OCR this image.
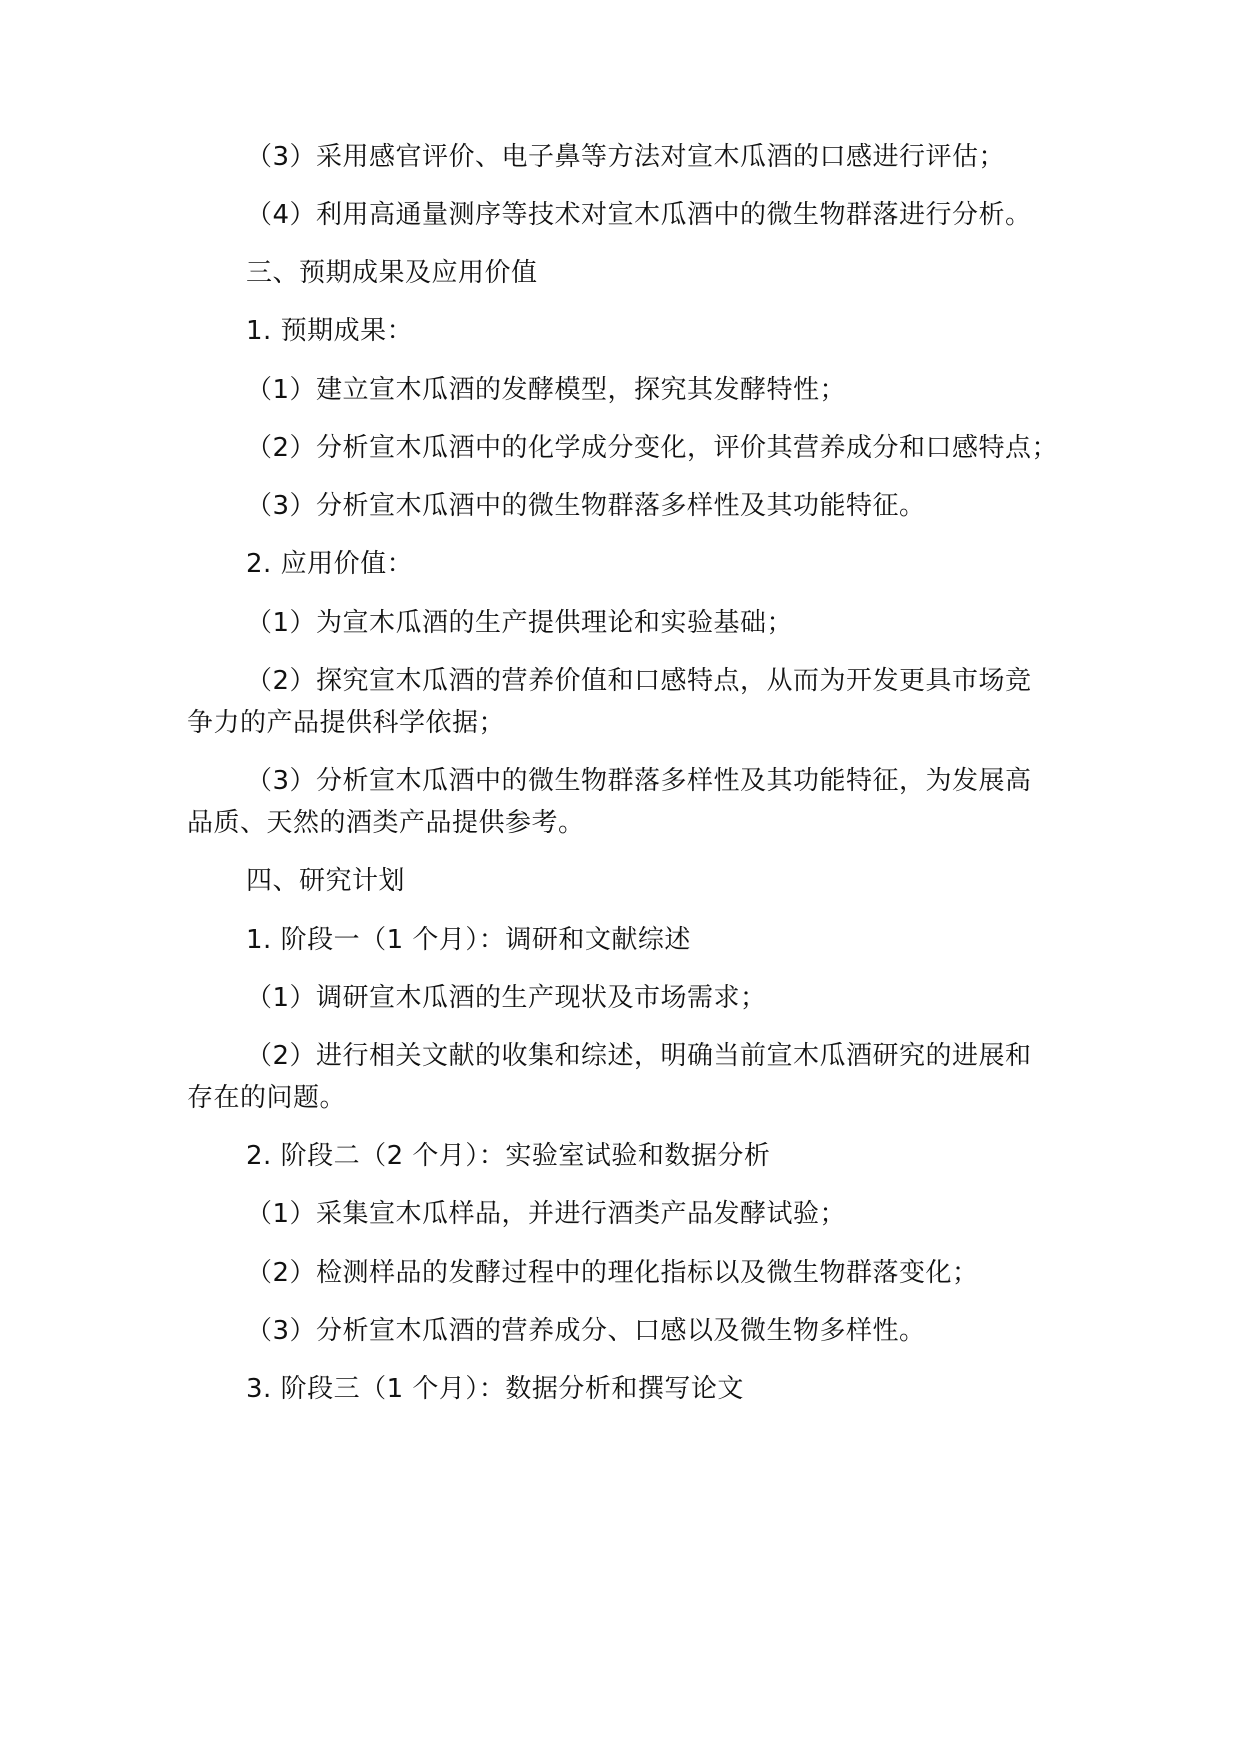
（3）采用感官评价、电子鼻等方法对宣木瓜酒的口感进行评估；
（4）利用高通量测序等技术对宣木瓜酒中的微生物群落进行分析。
三、预期成果及应用价值
1. 预期成果：
（1）建立宣木瓜酒的发酵模型，探究其发酵特性；
（2）分析宣木瓜酒中的化学成分变化，评价其营养成分和口感特点；
（3）分析宣木瓜酒中的微生物群落多样性及其功能特征。
2. 应用价值：
（1）为宣木瓜酒的生产提供理论和实验基础；
（2）探究宣木瓜酒的营养价值和口感特点，从而为开发更具市场竞
争力的产品提供科学依据；
（3）分析宣木瓜酒中的微生物群落多样性及其功能特征，为发展高
品质、天然的酒类产品提供参考。
四、研究计划
1. 阶段一（1 个月）：调研和文献综述
（1）调研宣木瓜酒的生产现状及市场需求；
（2）进行相关文献的收集和综述，明确当前宣木瓜酒研究的进展和
存在的问题。
2. 阶段二（2 个月）：实验室试验和数据分析
（1）采集宣木瓜样品，并进行酒类产品发酵试验；
（2）检测样品的发酵过程中的理化指标以及微生物群落变化；
（3）分析宣木瓜酒的营养成分、口感以及微生物多样性。
3. 阶段三（1 个月）：数据分析和撰写论文
